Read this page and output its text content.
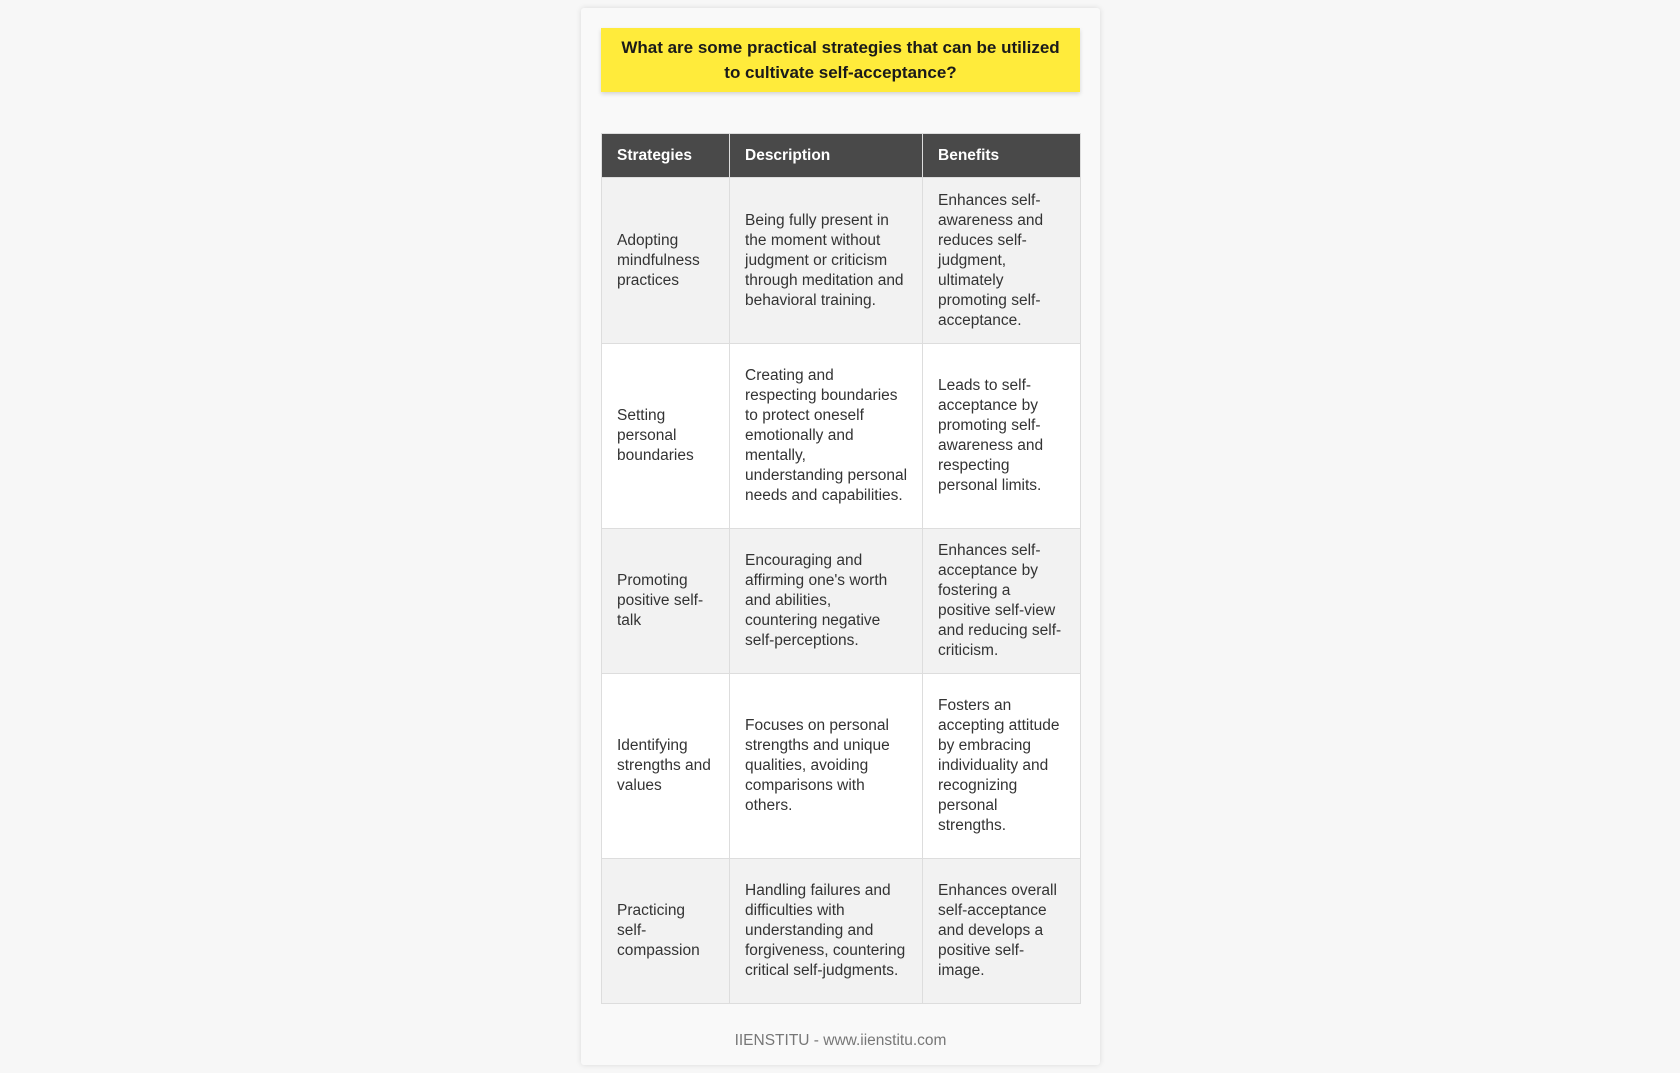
What are some practical strategies that can be utilized to cultivate self-acceptance?
Strategies	Description	Benefits
Adopting mindfulness practices	Being fully present in the moment without judgment or criticism through meditation and behavioral training.	Enhances self-awareness and reduces self-judgment, ultimately promoting self-acceptance.
Setting personal boundaries	Creating and respecting boundaries to protect oneself emotionally and mentally, understanding personal needs and capabilities.	Leads to self-acceptance by promoting self-awareness and respecting personal limits.
Promoting positive self-talk	Encouraging and affirming one's worth and abilities, countering negative self-perceptions.	Enhances self-acceptance by fostering a positive self-view and reducing self-criticism.
Identifying strengths and values	Focuses on personal strengths and unique qualities, avoiding comparisons with others.	Fosters an accepting attitude by embracing individuality and recognizing personal strengths.
Practicing self-compassion	Handling failures and difficulties with understanding and forgiveness, countering critical self-judgments.	Enhances overall self-acceptance and develops a positive self-image.
IIENSTITU - www.iienstitu.com
